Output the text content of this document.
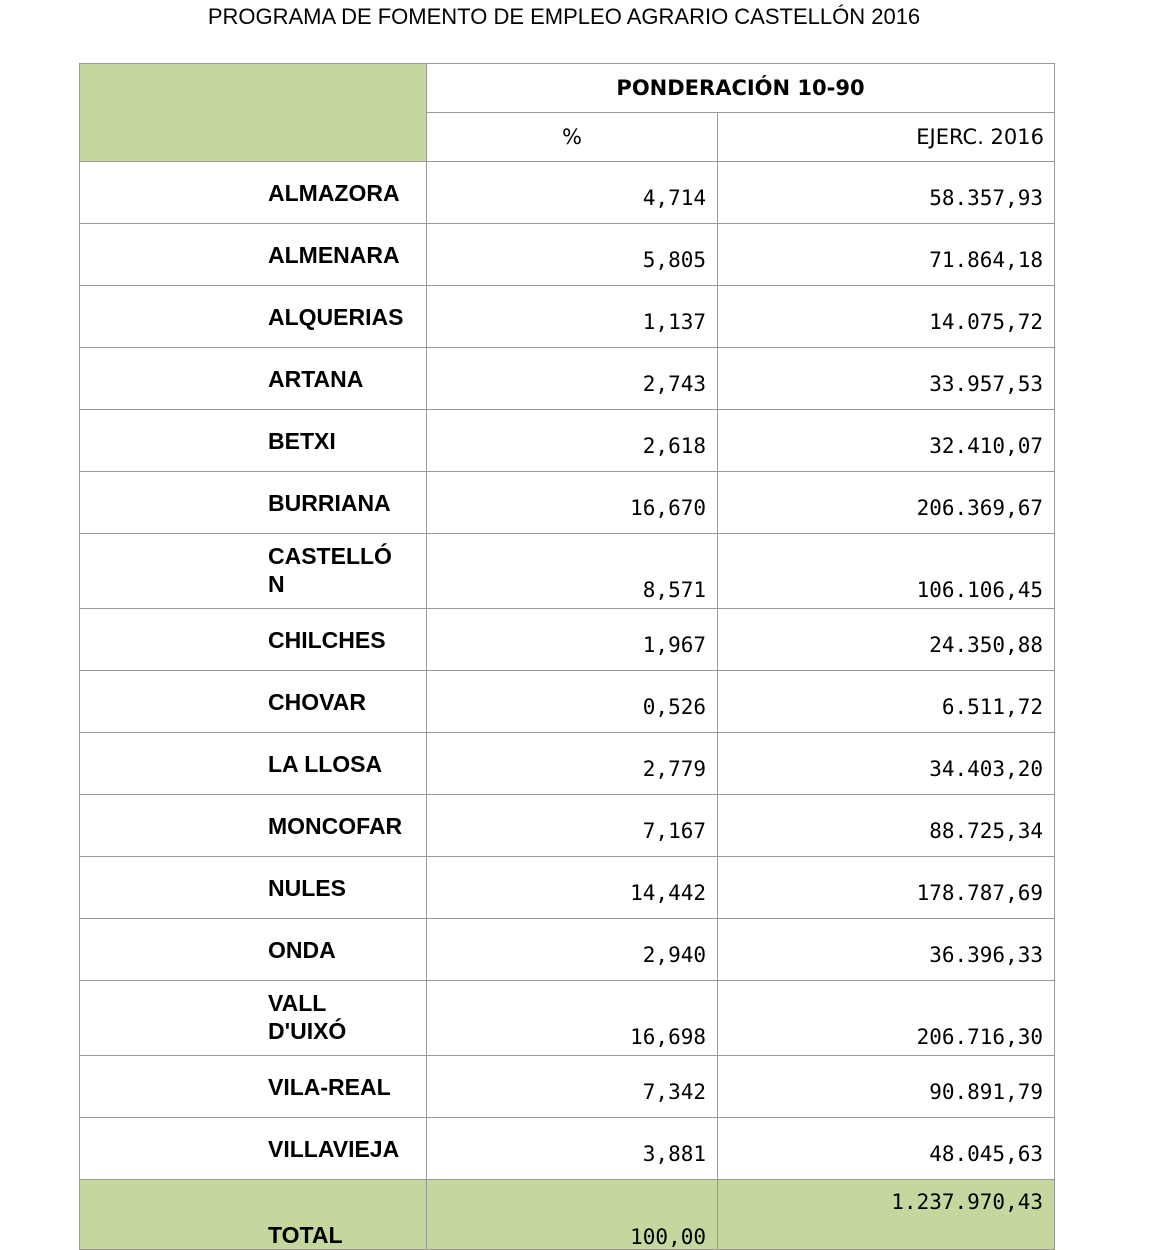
PROGRAMA DE FOMENTO DE EMPLEO AGRARIO CASTELLÓN 2016
	PONDERACIÓN 10-90	
	%	EJERC. 2016
ALMAZORA	4,714	58.357,93
ALMENARA	5,805	71.864,18
ALQUERIAS	1,137	14.075,72
ARTANA	2,743	33.957,53
BETXI	2,618	32.410,07
BURRIANA	16,670	206.369,67
CASTELLÓN	8,571	106.106,45
CHILCHES	1,967	24.350,88
CHOVAR	0,526	6.511,72
LA LLOSA	2,779	34.403,20
MONCOFAR	7,167	88.725,34
NULES	14,442	178.787,69
ONDA	2,940	36.396,33
VALL D'UIXÓ	16,698	206.716,30
VILA-REAL	7,342	90.891,79
VILLAVIEJA	3,881	48.045,63
TOTAL	100,00	1.237.970,43
